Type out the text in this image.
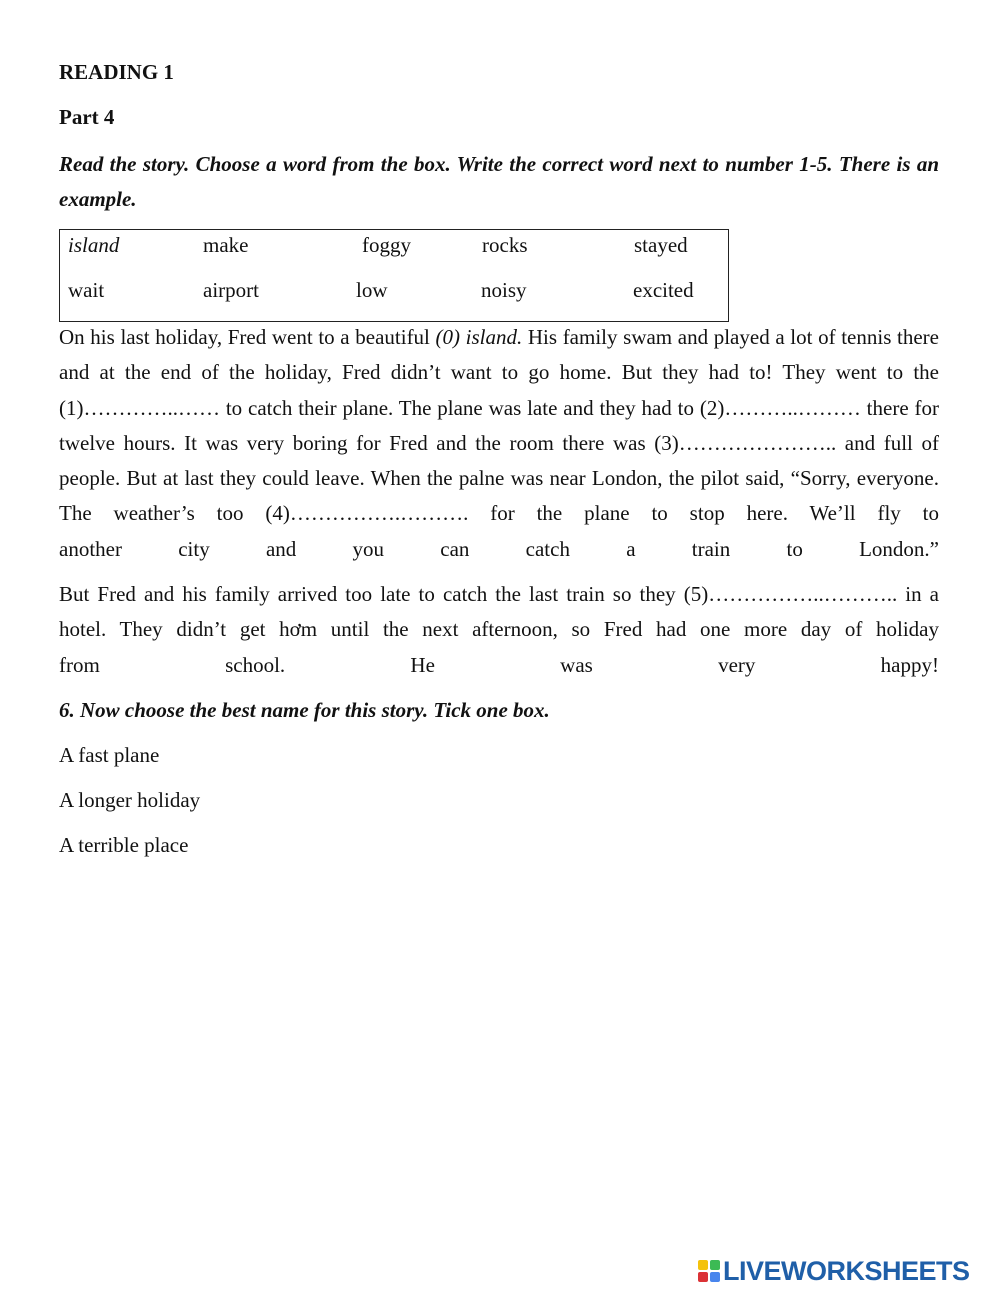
READING 1
Part 4
Read the story. Choose a word from the box. Write the correct word next to number 1-5. There is an example.
island	make	foggy	rocks	stayed
wait	airport	low	noisy	excited

On his last holiday, Fred went to a beautiful (0) island. His family swam and played a lot of tennis there and at the end of the holiday, Fred didn’t want to go home. But they had to! They went to the (1)…………..…… to catch their plane. The plane was late and they had to (2)………..……… there for twelve hours. It was very boring for Fred and the room there was (3)………………….. and full of people. But at last they could leave. When the palne was near London, the pilot said, “Sorry, everyone. The weather’s too (4)…………….………. for the plane to stop here. We’ll fly to
another city and you can catch a train to London.”

But Fred and his family arrived too late to catch the last train so they (5)……………..……….. in a hotel. They didn’t get hơm until the next afternoon, so Fred had one more day of holiday
from school. He was very happy!

6. Now choose the best name for this story. Tick one box.
A fast plane
A longer holiday
A terrible place
LIVEWORKSHEETS
